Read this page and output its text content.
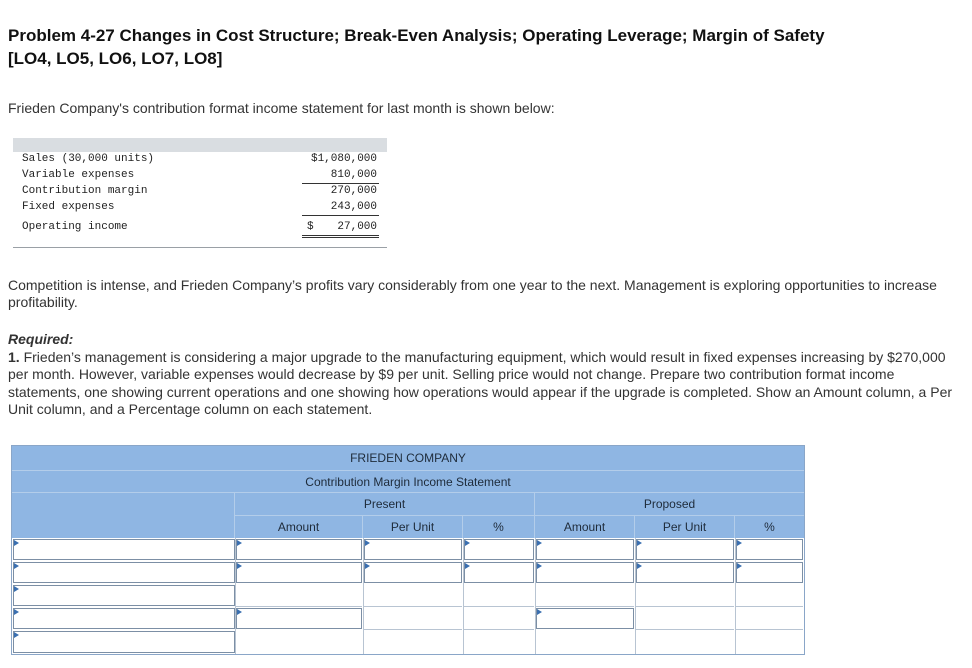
Problem 4-27 Changes in Cost Structure; Break-Even Analysis; Operating Leverage; Margin of Safety
[LO4, LO5, LO6, LO7, LO8]
Frieden Company's contribution format income statement for last month is shown below:
Sales (30,000 units)	$1,080,000
Variable expenses	810,000
Contribution margin	270,000
Fixed expenses	243,000
Operating income	27,000
$
Competition is intense, and Frieden Company’s profits vary considerably from one year to the next. Management is exploring opportunities to increase profitability.
Required:
1. Frieden’s management is considering a major upgrade to the manufacturing equipment, which would result in fixed expenses increasing by $270,000 per month. However, variable expenses would decrease by $9 per unit. Selling price would not change. Prepare two contribution format income statements, one showing current operations and one showing how operations would appear if the upgrade is completed. Show an Amount column, a Per Unit column, and a Percentage column on each statement.
FRIEDEN COMPANY
Contribution Margin Income Statement
Present	Proposed
Amount	Per Unit	%	Amount	Per Unit	%
